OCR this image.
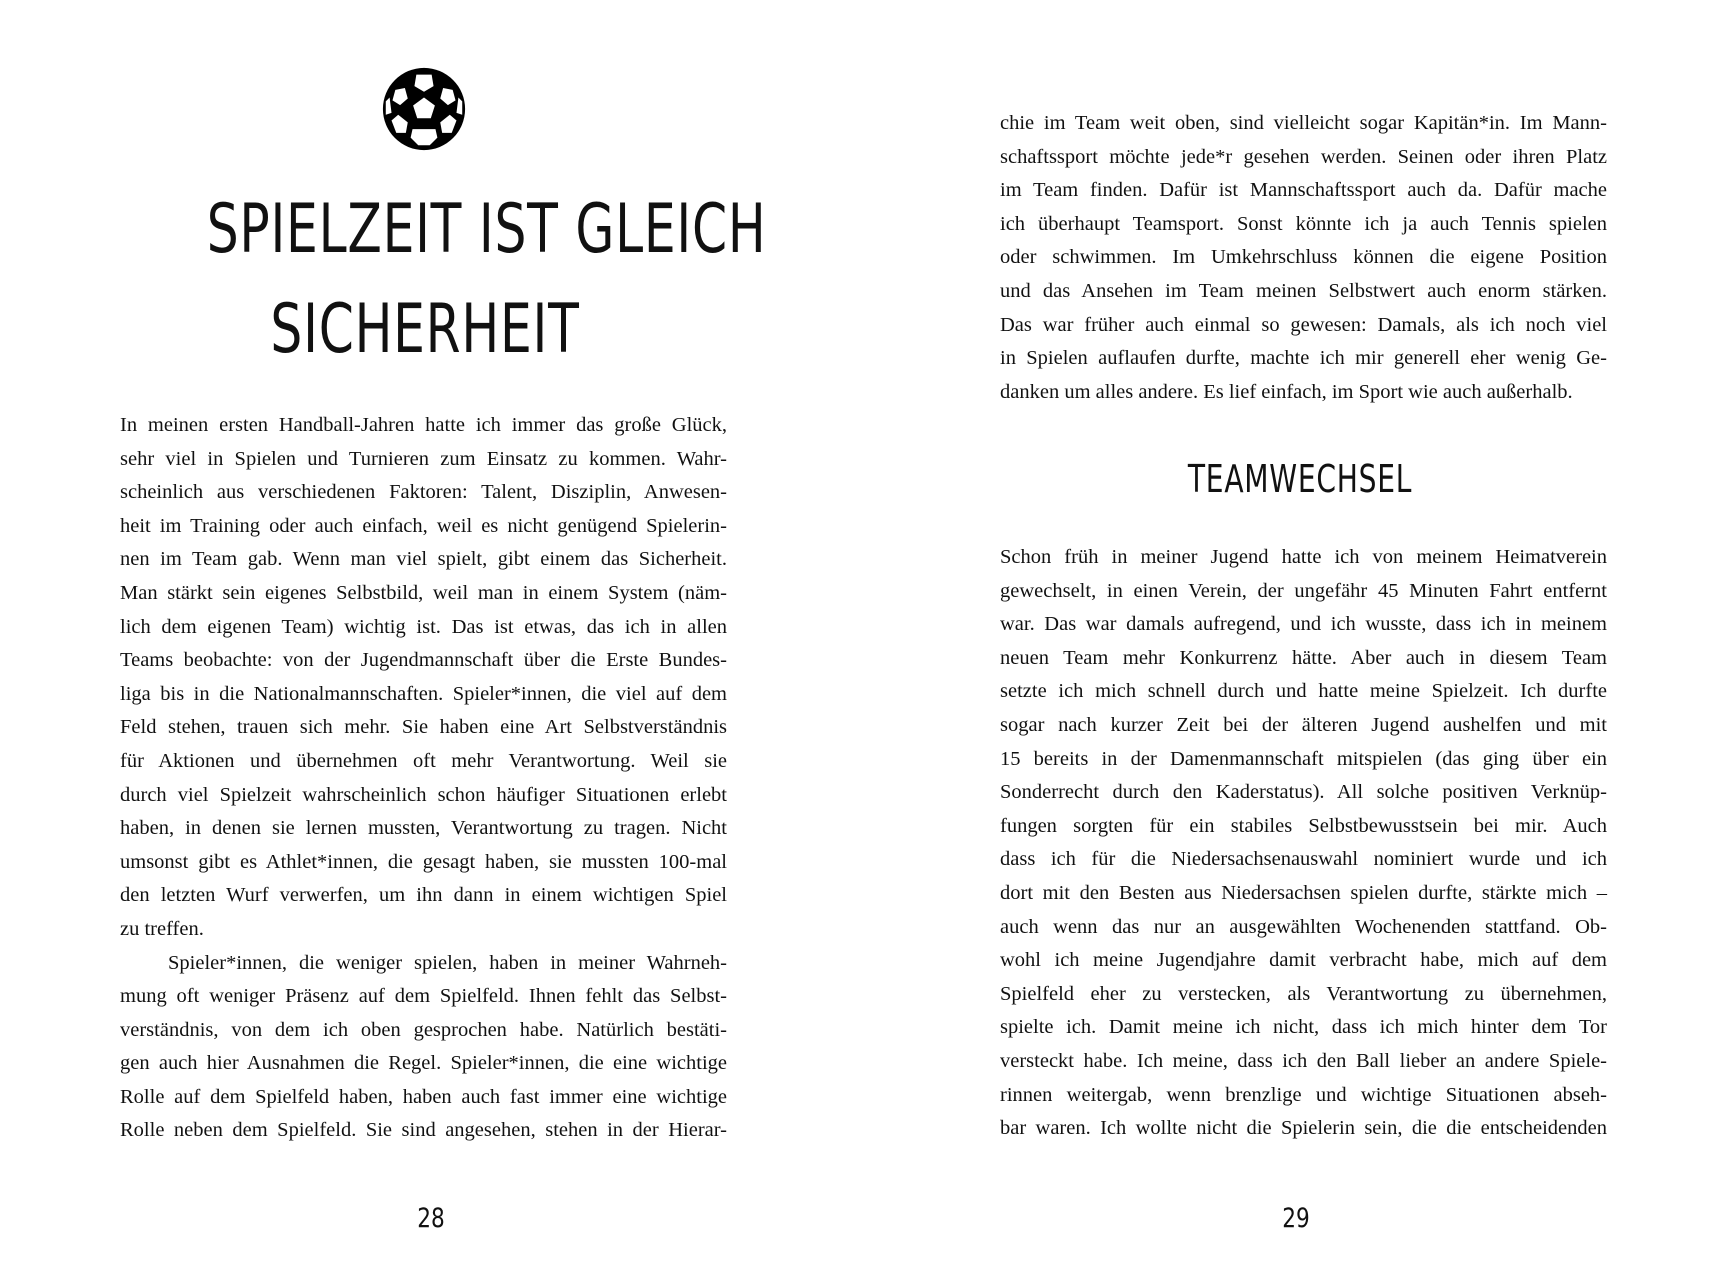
SPIELZEIT IST GLEICH
SICHERHEIT
In meinen ersten Handball-Jahren hatte ich immer das große Glück,
sehr viel in Spielen und Turnieren zum Einsatz zu kommen. Wahr-
scheinlich aus verschiedenen Faktoren: Talent, Disziplin, Anwesen-
heit im Training oder auch einfach, weil es nicht genügend Spielerin-
nen im Team gab. Wenn man viel spielt, gibt einem das Sicherheit.
Man stärkt sein eigenes Selbstbild, weil man in einem System (näm-
lich dem eigenen Team) wichtig ist. Das ist etwas, das ich in allen
Teams beobachte: von der Jugendmannschaft über die Erste Bundes-
liga bis in die Nationalmannschaften. Spieler*innen, die viel auf dem
Feld stehen, trauen sich mehr. Sie haben eine Art Selbstverständnis
für Aktionen und übernehmen oft mehr Verantwortung. Weil sie
durch viel Spielzeit wahrscheinlich schon häufiger Situationen erlebt
haben, in denen sie lernen mussten, Verantwortung zu tragen. Nicht
umsonst gibt es Athlet*innen, die gesagt haben, sie mussten 100-mal
den letzten Wurf verwerfen, um ihn dann in einem wichtigen Spiel
zu treffen.
Spieler*innen, die weniger spielen, haben in meiner Wahrneh-
mung oft weniger Präsenz auf dem Spielfeld. Ihnen fehlt das Selbst-
verständnis, von dem ich oben gesprochen habe. Natürlich bestäti-
gen auch hier Ausnahmen die Regel. Spieler*innen, die eine wichtige
Rolle auf dem Spielfeld haben, haben auch fast immer eine wichtige
Rolle neben dem Spielfeld. Sie sind angesehen, stehen in der Hierar-
28
chie im Team weit oben, sind vielleicht sogar Kapitän*in. Im Mann-
schaftssport möchte jede*r gesehen werden. Seinen oder ihren Platz
im Team finden. Dafür ist Mannschaftssport auch da. Dafür mache
ich überhaupt Teamsport. Sonst könnte ich ja auch Tennis spielen
oder schwimmen. Im Umkehrschluss können die eigene Position
und das Ansehen im Team meinen Selbstwert auch enorm stärken.
Das war früher auch einmal so gewesen: Damals, als ich noch viel
in Spielen auflaufen durfte, machte ich mir generell eher wenig Ge-
danken um alles andere. Es lief einfach, im Sport wie auch außerhalb.
TEAMWECHSEL
Schon früh in meiner Jugend hatte ich von meinem Heimatverein
gewechselt, in einen Verein, der ungefähr 45 Minuten Fahrt entfernt
war. Das war damals aufregend, und ich wusste, dass ich in meinem
neuen Team mehr Konkurrenz hätte. Aber auch in diesem Team
setzte ich mich schnell durch und hatte meine Spielzeit. Ich durfte
sogar nach kurzer Zeit bei der älteren Jugend aushelfen und mit
15 bereits in der Damenmannschaft mitspielen (das ging über ein
Sonderrecht durch den Kaderstatus). All solche positiven Verknüp-
fungen sorgten für ein stabiles Selbstbewusstsein bei mir. Auch
dass ich für die Niedersachsenauswahl nominiert wurde und ich
dort mit den Besten aus Niedersachsen spielen durfte, stärkte mich –
auch wenn das nur an ausgewählten Wochenenden stattfand. Ob-
wohl ich meine Jugendjahre damit verbracht habe, mich auf dem
Spielfeld eher zu verstecken, als Verantwortung zu übernehmen,
spielte ich. Damit meine ich nicht, dass ich mich hinter dem Tor
versteckt habe. Ich meine, dass ich den Ball lieber an andere Spiele-
rinnen weitergab, wenn brenzlige und wichtige Situationen abseh-
bar waren. Ich wollte nicht die Spielerin sein, die die entscheidenden
29
